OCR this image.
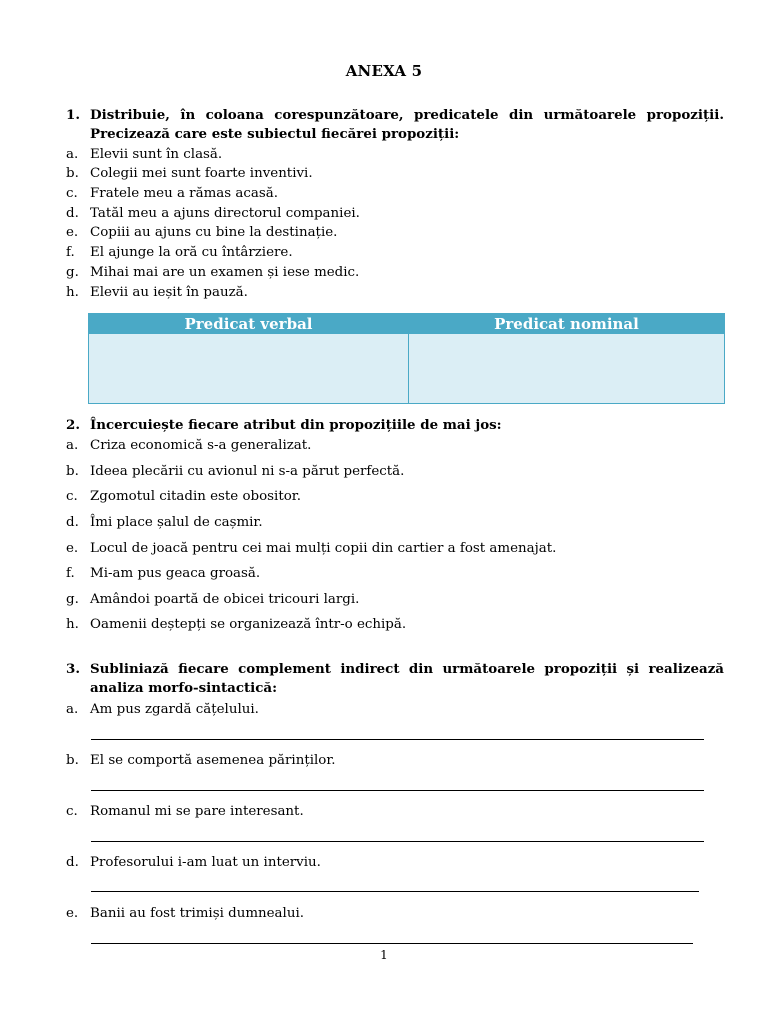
ANEXA 5
1. Distribuie, în coloana corespunzătoare, predicatele din următoarele propoziții. Precizează care este subiectul fiecărei propoziții:
a. Elevii sunt în clasă.
b. Colegii mei sunt foarte inventivi.
c. Fratele meu a rămas acasă.
d. Tatăl meu a ajuns directorul companiei.
e. Copiii au ajuns cu bine la destinație.
f. El ajunge la oră cu întârziere.
g. Mihai mai are un examen și iese medic.
h. Elevii au ieșit în pauză.
Predicat verbal	Predicat nominal
2. Încercuiește fiecare atribut din propozițiile de mai jos:
a. Criza economică s-a generalizat.
b. Ideea plecării cu avionul ni s-a părut perfectă.
c. Zgomotul citadin este obositor.
d. Îmi place șalul de cașmir.
e. Locul de joacă pentru cei mai mulți copii din cartier a fost amenajat.
f. Mi-am pus geaca groasă.
g. Amândoi poartă de obicei tricouri largi.
h. Oamenii deștepți se organizează într-o echipă.
3. Subliniază fiecare complement indirect din următoarele propoziții și realizează analiza morfo-sintactică:
a. Am pus zgardă cățelului.
b. El se comportă asemenea părinților.
c. Romanul mi se pare interesant.
d. Profesorului i-am luat un interviu.
e. Banii au fost trimiși dumnealui.
1
